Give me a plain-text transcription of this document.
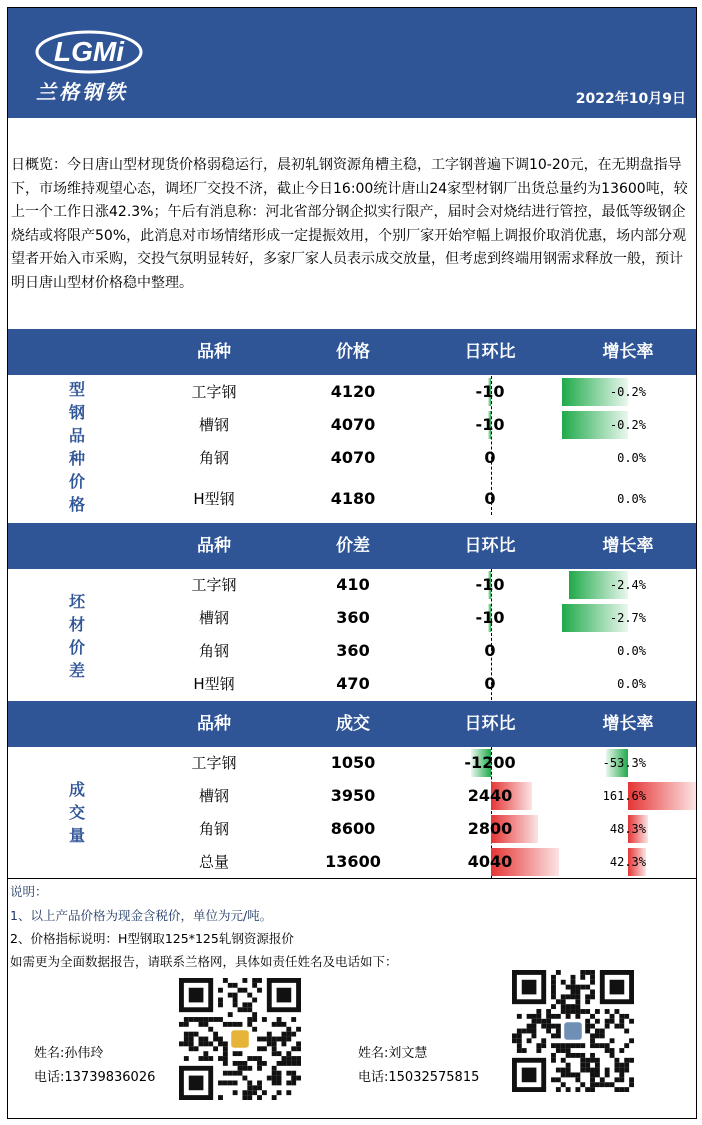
LGMi
兰格钢铁	2022年10月9日
日概览：今日唐山型材现货价格弱稳运行，晨初轧钢资源角槽主稳，工字钢普遍下调10-20元，在无期盘指导下，市场维持观望心态，调坯厂交投不济，截止今日16:00统计唐山24家型材钢厂出货总量约为13600吨，较上一个工作日涨42.3%；午后有消息称：河北省部分钢企拟实行限产，届时会对烧结进行管控，最低等级钢企烧结或将限产50%，此消息对市场情绪形成一定提振效用，个别厂家开始窄幅上调报价取消优惠，场内部分观望者开始入市采购，交投气氛明显转好，多家厂家人员表示成交放量，但考虑到终端用钢需求释放一般，预计明日唐山型材价格稳中整理。
品种	价格	日环比	增长率
型钢品种价格
工字钢	4120	-10	-0.2%
槽钢	4070	-10	-0.2%
角钢	4070	0	0.0%
H型钢	4180	0	0.0%
品种	价差	日环比	增长率
坯材价差
工字钢	410	-10	-2.4%
槽钢	360	-10	-2.7%
角钢	360	0	0.0%
H型钢	470	0	0.0%
品种	成交	日环比	增长率
成交量
工字钢	1050	-1200	-53.3%
槽钢	3950	2440	161.6%
角钢	8600	2800	48.3%
总量	13600	4040	42.3%
说明：
1、以上产品价格为现金含税价，单位为元/吨。
2、价格指标说明：H型钢取125*125轧钢资源报价
如需更为全面数据报告，请联系兰格网，具体如责任姓名及电话如下：
姓名:孙伟玲
电话:13739836026
姓名:刘文慧
电话:15032575815
